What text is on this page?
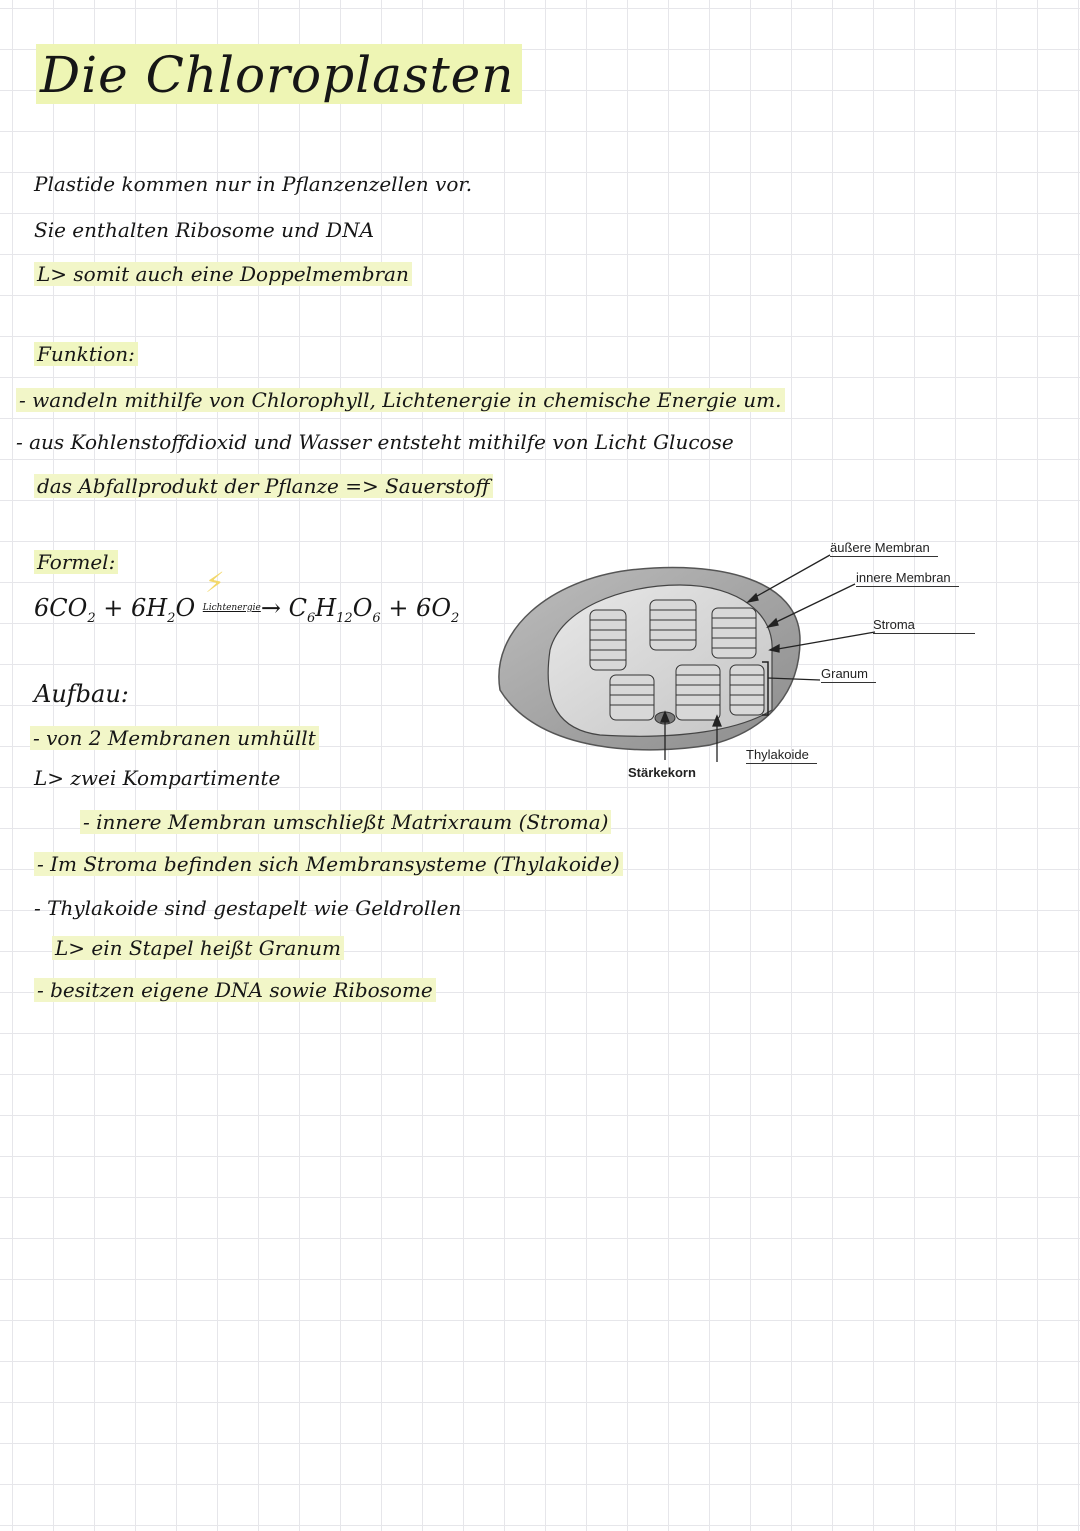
Die Chloroplasten
Plastide kommen nur in Pflanzenzellen vor.
Sie enthalten Ribosome und DNA
L> somit auch eine Doppelmembran
Funktion:
- wandeln mithilfe von Chlorophyll, Lichtenergie in chemische Energie um.
- aus Kohlenstoffdioxid und Wasser entsteht mithilfe von Licht Glucose
das Abfallprodukt der Pflanze => Sauerstoff
Formel:
⚡
$6CO_2 + 6H_2O$ $^{Lichtenergie}\to C_6H_{12}O_6 + 6O_2$
Aufbau:
- von 2 Membranen umhüllt
L> zwei Kompartimente
- innere Membran umschließt Matrixraum (Stroma)
- Im Stroma befinden sich Membransysteme (Thylakoide)
- Thylakoide sind gestapelt wie Geldrollen
L> ein Stapel heißt Granum
- besitzen eigene DNA sowie Ribosome
äußere Membran
innere Membran
Stroma
Granum
Thylakoide
Stärkekorn
